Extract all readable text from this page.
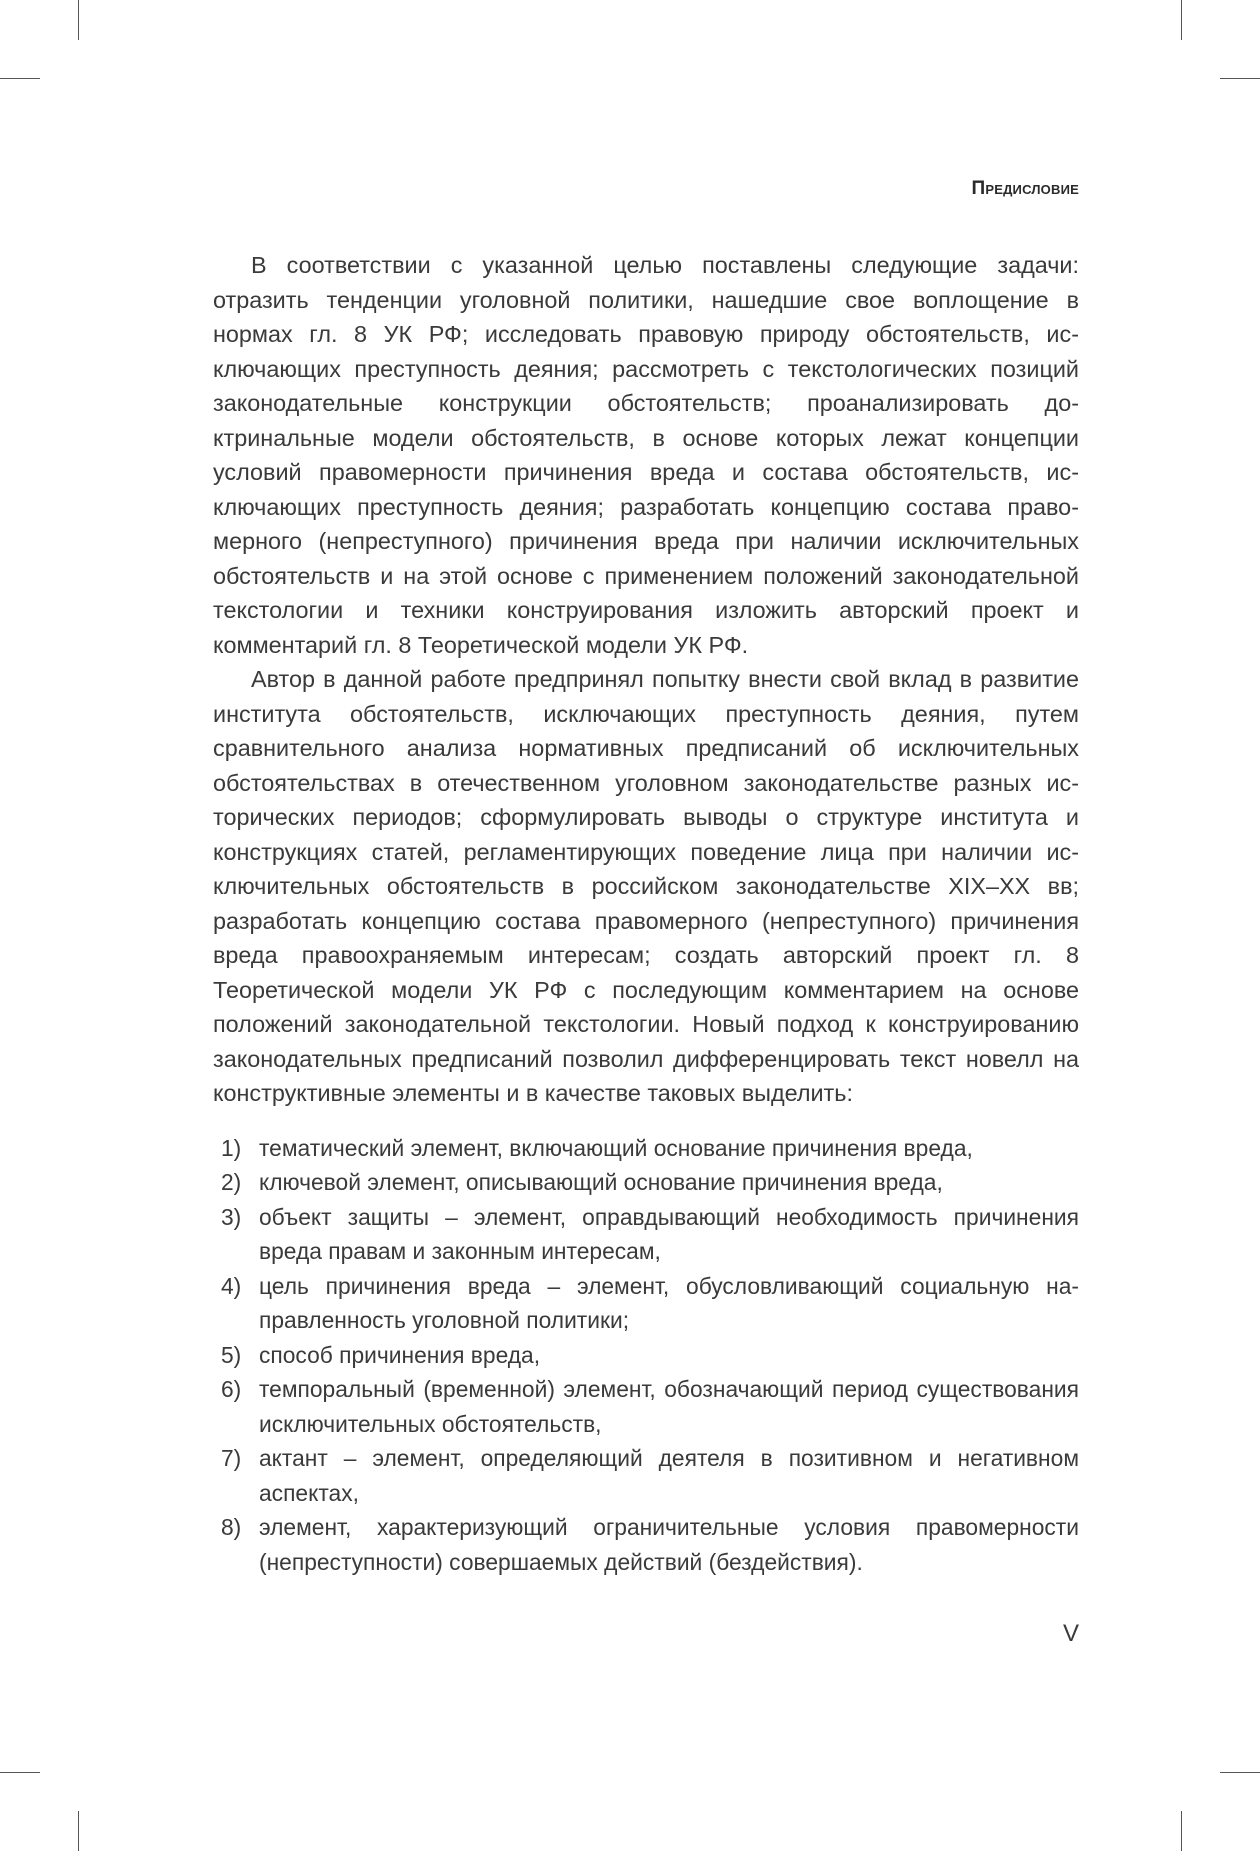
Предисловие

В соответствии с указанной целью поставлены следующие задачи: отразить тенденции уголовной политики, нашедшие свое воплощение в нормах гл. 8 УК РФ; исследовать правовую природу обстоятельств, исключающих преступность деяния; рассмотреть с текстологических позиций законодательные конструкции обстоятельств; проанализировать доктринальные модели обстоятельств, в основе которых лежат концепции условий правомерности причинения вреда и состава обстоятельств, исключающих преступность деяния; разработать концепцию состава правомерного (непреступного) причинения вреда при наличии исключительных обстоятельств и на этой основе с применением положений законодательной текстологии и техники конструирования изложить авторский проект и комментарий гл. 8 Теоретической модели УК РФ.

Автор в данной работе предпринял попытку внести свой вклад в развитие института обстоятельств, исключающих преступность деяния, путем сравнительного анализа нормативных предписаний об исключительных обстоятельствах в отечественном уголовном законодательстве разных исторических периодов; сформулировать выводы о структуре института и конструкциях статей, регламентирующих поведение лица при наличии исключительных обстоятельств в российском законодательстве XIX–XX вв; разработать концепцию состава правомерного (непреступного) причинения вреда правоохраняемым интересам; создать авторский проект гл. 8 Теоретической модели УК РФ с последующим комментарием на основе положений законодательной текстологии. Новый подход к конструированию законодательных предписаний позволил дифференцировать текст новелл на конструктивные элементы и в качестве таковых выделить:

1) тематический элемент, включающий основание причинения вреда,
2) ключевой элемент, описывающий основание причинения вреда,
3) объект защиты – элемент, оправдывающий необходимость причинения вреда правам и законным интересам,
4) цель причинения вреда – элемент, обусловливающий социальную направленность уголовной политики;
5) способ причинения вреда,
6) темпоральный (временной) элемент, обозначающий период существования исключительных обстоятельств,
7) актант – элемент, определяющий деятеля в позитивном и негативном аспектах,
8) элемент, характеризующий ограничительные условия правомерности (непреступности) совершаемых действий (бездействия).
V
